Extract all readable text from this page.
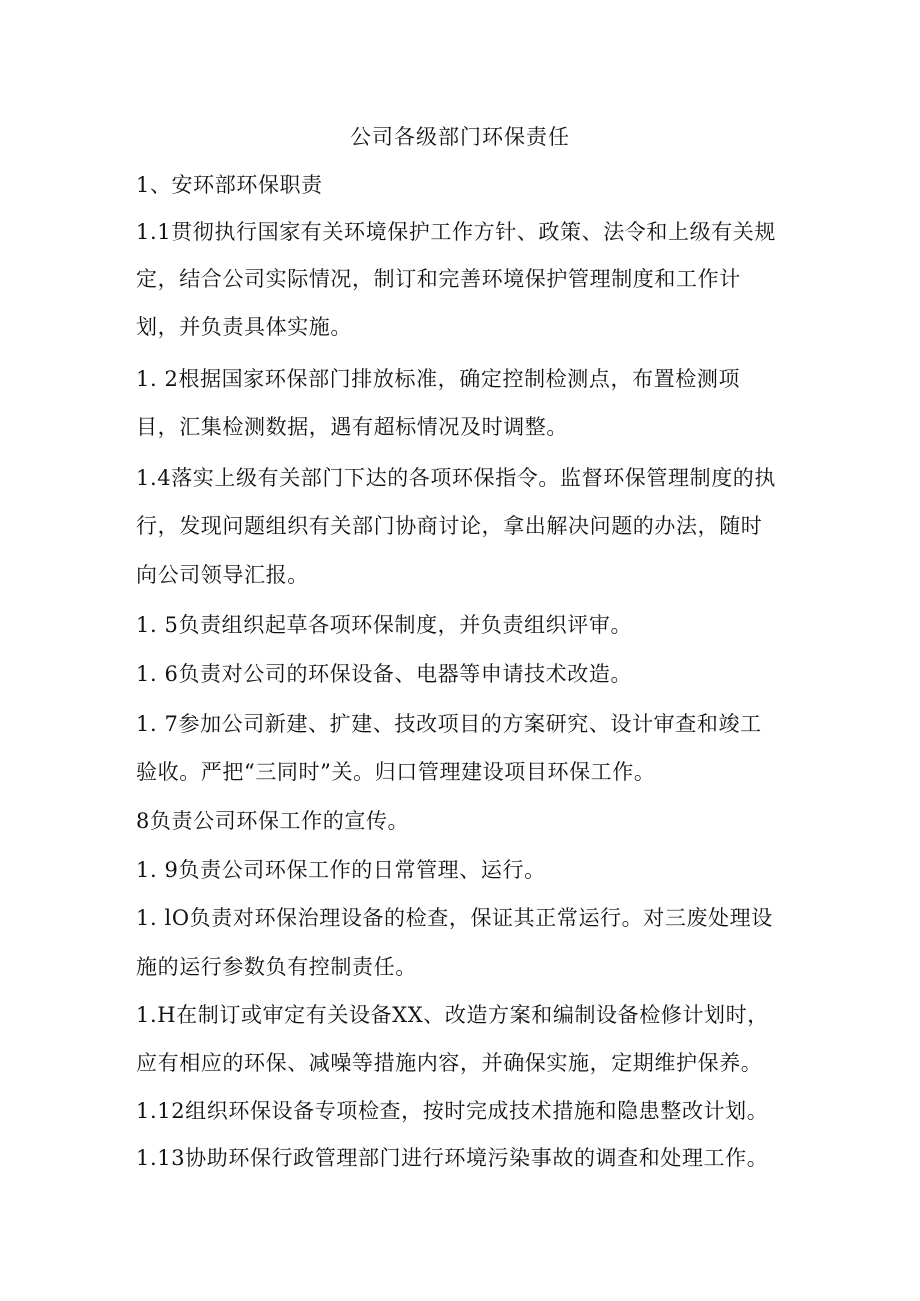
公司各级部门环保责任
1、安环部环保职责
1.1贯彻执行国家有关环境保护工作方针、政策、法令和上级有关规
定，结合公司实际情况，制订和完善环境保护管理制度和工作计
划，并负责具体实施。
1. 2根据国家环保部门排放标准，确定控制检测点，布置检测项
目，汇集检测数据，遇有超标情况及时调整。
1.4落实上级有关部门下达的各项环保指令。监督环保管理制度的执
行，发现问题组织有关部门协商讨论，拿出解决问题的办法，随时
向公司领导汇报。
1. 5负责组织起草各项环保制度，并负责组织评审。
1. 6负责对公司的环保设备、电器等申请技术改造。
1. 7参加公司新建、扩建、技改项目的方案研究、设计审查和竣工
验收。严把“三同时”关。归口管理建设项目环保工作。
8负责公司环保工作的宣传。
1. 9负责公司环保工作的日常管理、运行。
1. lO负责对环保治理设备的检查，保证其正常运行。对三废处理设
施的运行参数负有控制责任。
1.H在制订或审定有关设备XX、改造方案和编制设备检修计划时，
应有相应的环保、减噪等措施内容，并确保实施，定期维护保养。
1.12组织环保设备专项检查，按时完成技术措施和隐患整改计划。
1.13协助环保行政管理部门进行环境污染事故的调查和处理工作。
